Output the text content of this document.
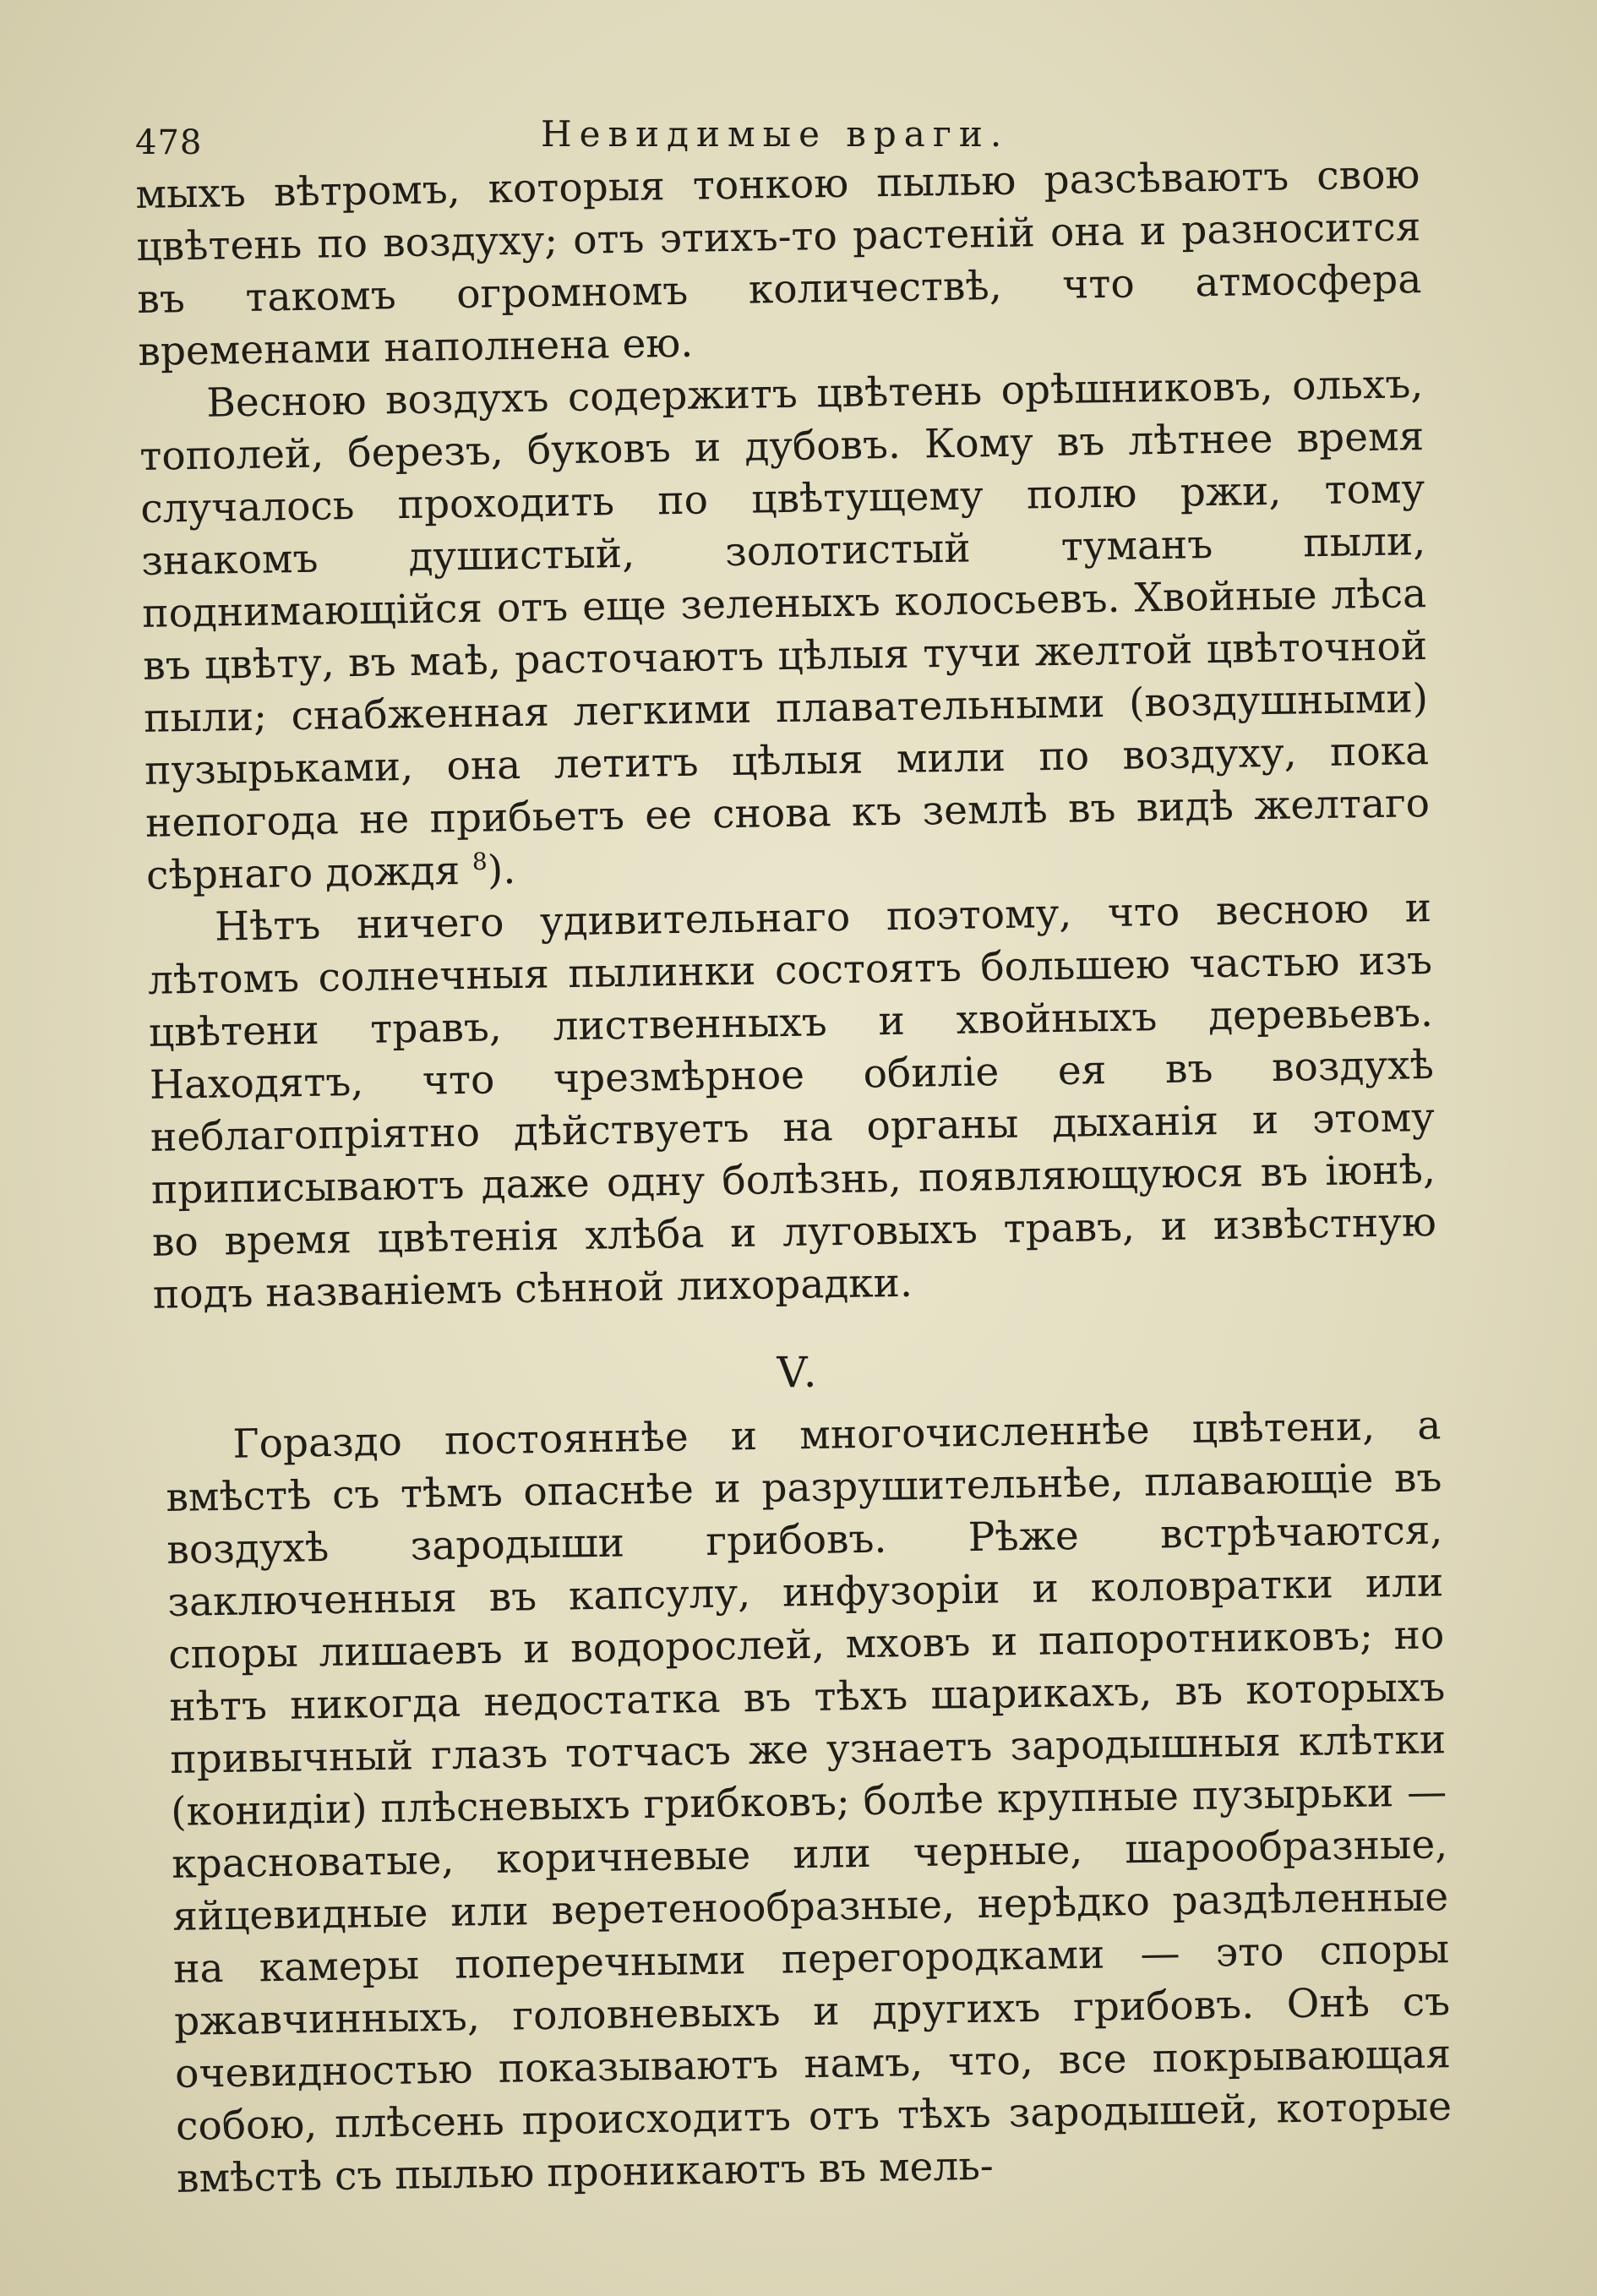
478	Невидимые враги.

мыхъ вѣтромъ, которыя тонкою пылью разсѣваютъ свою цвѣтень по воздуху; отъ этихъ-то растеній она и разносится въ такомъ огромномъ количествѣ, что атмосфера временами наполнена ею.

Весною воздухъ содержитъ цвѣтень орѣшниковъ, ольхъ, тополей, березъ, буковъ и дубовъ. Кому въ лѣтнее время случалось проходить по цвѣтущему полю ржи, тому знакомъ душистый, золотистый туманъ пыли, поднимающійся отъ еще зеленыхъ колосьевъ. Хвойные лѣса въ цвѣту, въ маѣ, расточаютъ цѣлыя тучи желтой цвѣточной пыли; снабженная легкими плавательными (воздушными) пузырьками, она летитъ цѣлыя мили по воздуху, пока непогода не прибьетъ ее снова къ землѣ въ видѣ желтаго сѣрнаго дождя $^8$).

Нѣтъ ничего удивительнаго поэтому, что весною и лѣтомъ солнечныя пылинки состоятъ большею частью изъ цвѣтени травъ, лиственныхъ и хвойныхъ деревьевъ. Находятъ, что чрезмѣрное обиліе ея въ воздухѣ неблагопріятно дѣйствуетъ на органы дыханія и этому приписываютъ даже одну болѣзнь, появляющуюся въ іюнѣ, во время цвѣтенія хлѣба и луговыхъ травъ, и извѣстную подъ названіемъ сѣнной лихорадки.

V.

Гораздо постояннѣе и многочисленнѣе цвѣтени, а вмѣстѣ съ тѣмъ опаснѣе и разрушительнѣе, плавающіе въ воздухѣ зародыши грибовъ. Рѣже встрѣчаются, заключенныя въ капсулу, инфузоріи и коловратки или споры лишаевъ и водорослей, мховъ и папоротниковъ; но нѣтъ никогда недостатка въ тѣхъ шарикахъ, въ которыхъ привычный глазъ тотчасъ же узнаетъ зародышныя клѣтки (конидіи) плѣсневыхъ грибковъ; болѣе крупные пузырьки — красноватые, коричневые или черные, шарообразные, яйцевидные или веретенообразные, нерѣдко раздѣленные на камеры поперечными перегородками — это споры ржавчинныхъ, головневыхъ и другихъ грибовъ. Онѣ съ очевидностью показываютъ намъ, что, все покрывающая собою, плѣсень происходитъ отъ тѣхъ зародышей, которые вмѣстѣ съ пылью проникаютъ въ мель-
